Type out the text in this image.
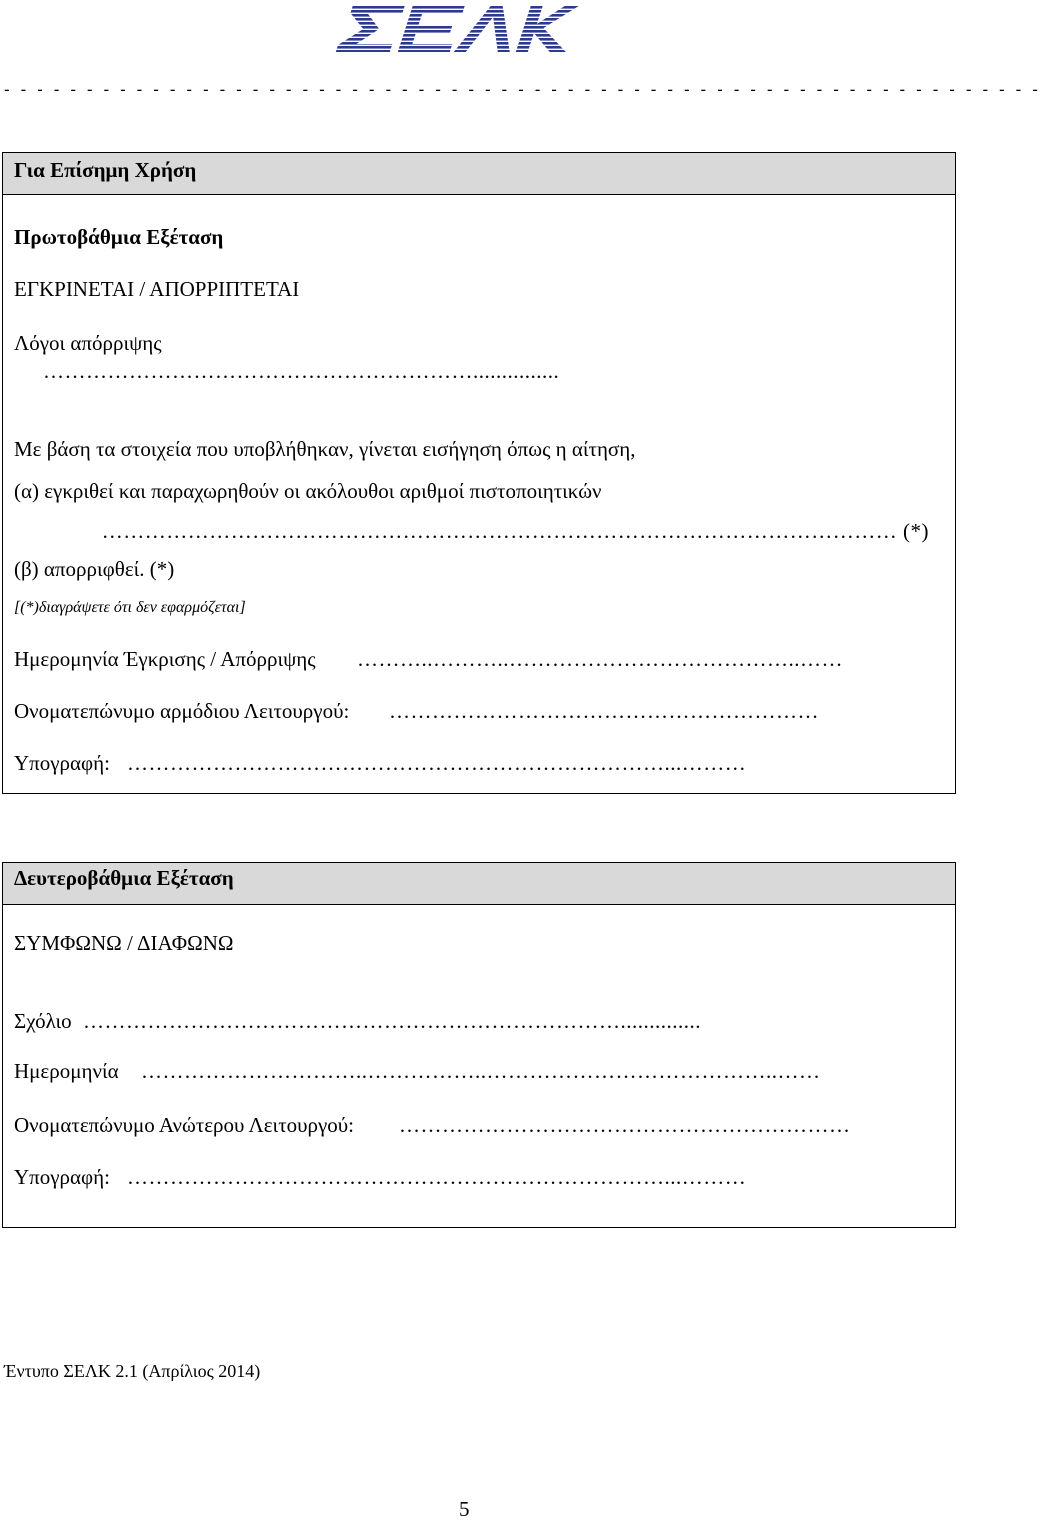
- - - - - - - - - - - - - - - - - - - - - - - - - - - - - - - - - - - - - - - - - - - - - - - - - - - - - - - - - - - - - - -
Για Επίσημη Χρήση
Πρωτοβάθμια Εξέταση
ΕΓΚΡΙΝΕΤΑΙ / ΑΠΟΡΡΙΠΤΕΤΑΙ
Λόγοι απόρριψης
……………………………………………………...............
Με βάση τα στοιχεία που υποβλήθηκαν, γίνεται εισήγηση όπως η αίτηση,
(α) εγκριθεί και παραχωρηθούν οι ακόλουθοι αριθμοί πιστοποιητικών
………………………………………………………………………………………………… (*)
(β) απορριφθεί. (*)
[(*)διαγράψετε ότι δεν εφαρμόζεται]
Ημερομηνία Έγκρισης / Απόρριψης ………..………..…………………………………..……
Ονοματεπώνυμο αρμόδιου Λειτουργού: ……………………………………………………
Υπογραφή: …………………………………………………………………...………
Δευτεροβάθμια Εξέταση
ΣΥΜΦΩΝΩ / ΔΙΑΦΩΝΩ
Σχόλιο …………………………………………………………………..............
Ημερομηνία …………………………..……………..…………………………………..……
Ονοματεπώνυμο Ανώτερου Λειτουργού: ………………………………………………………
Υπογραφή: …………………………………………………………………...………
Έντυπο ΣΕΛΚ 2.1 (Απρίλιος 2014)
5
